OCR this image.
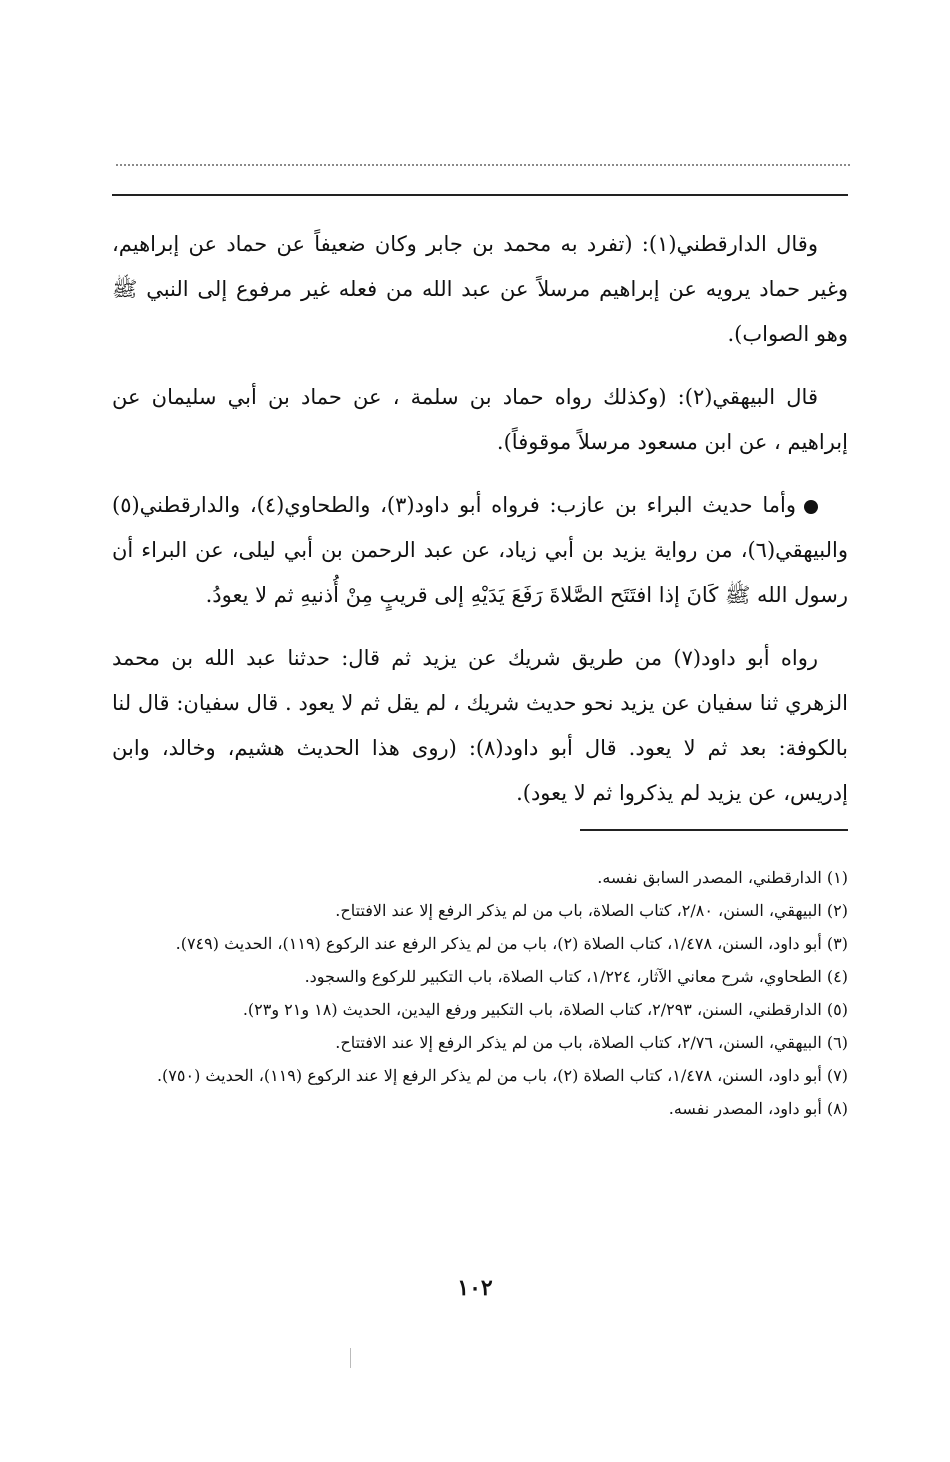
وقال الدارقطني(١): (تفرد به محمد بن جابر وكان ضعيفاً عن حماد عن إبراهيم، وغير حماد يرويه عن إبراهيم مرسلاً عن عبد الله من فعله غير مرفوع إلى النبي ﷺ وهو الصواب).

قال البيهقي(٢): (وكذلك رواه حماد بن سلمة ، عن حماد بن أبي سليمان عن إبراهيم ، عن ابن مسعود مرسلاً موقوفاً).

وأما حديث البراء بن عازب: فرواه أبو داود(٣)، والطحاوي(٤)، والدارقطني(٥) والبيهقي(٦)، من رواية يزيد بن أبي زياد، عن عبد الرحمن بن أبي ليلى، عن البراء أن رسول الله ﷺ كَانَ إذا افتَتَح الصَّلاةَ رَفَعَ يَدَيْهِ إلى قريبٍ مِنْ أُذنيهِ ثم لا يعودُ.

رواه أبو داود(٧) من طريق شريك عن يزيد ثم قال: حدثنا عبد الله بن محمد الزهري ثنا سفيان عن يزيد نحو حديث شريك ، لم يقل ثم لا يعود . قال سفيان: قال لنا بالكوفة: بعد ثم لا يعود. قال أبو داود(٨): (روى هذا الحديث هشيم، وخالد، وابن إدريس، عن يزيد لم يذكروا ثم لا يعود).

(١) الدارقطني، المصدر السابق نفسه.

(٢) البيهقي، السنن، ٢/٨٠، كتاب الصلاة، باب من لم يذكر الرفع إلا عند الافتتاح.

(٣) أبو داود، السنن، ١/٤٧٨، كتاب الصلاة (٢)، باب من لم يذكر الرفع عند الركوع (١١٩)، الحديث (٧٤٩).

(٤) الطحاوي، شرح معاني الآثار، ١/٢٢٤، كتاب الصلاة، باب التكبير للركوع والسجود.

(٥) الدارقطني، السنن، ٢/٢٩٣، كتاب الصلاة، باب التكبير ورفع اليدين، الحديث (١٨ و٢١ و٢٣).

(٦) البيهقي، السنن، ٢/٧٦، كتاب الصلاة، باب من لم يذكر الرفع إلا عند الافتتاح.

(٧) أبو داود، السنن، ١/٤٧٨، كتاب الصلاة (٢)، باب من لم يذكر الرفع إلا عند الركوع (١١٩)، الحديث (٧٥٠).

(٨) أبو داود، المصدر نفسه.

١٠٢
